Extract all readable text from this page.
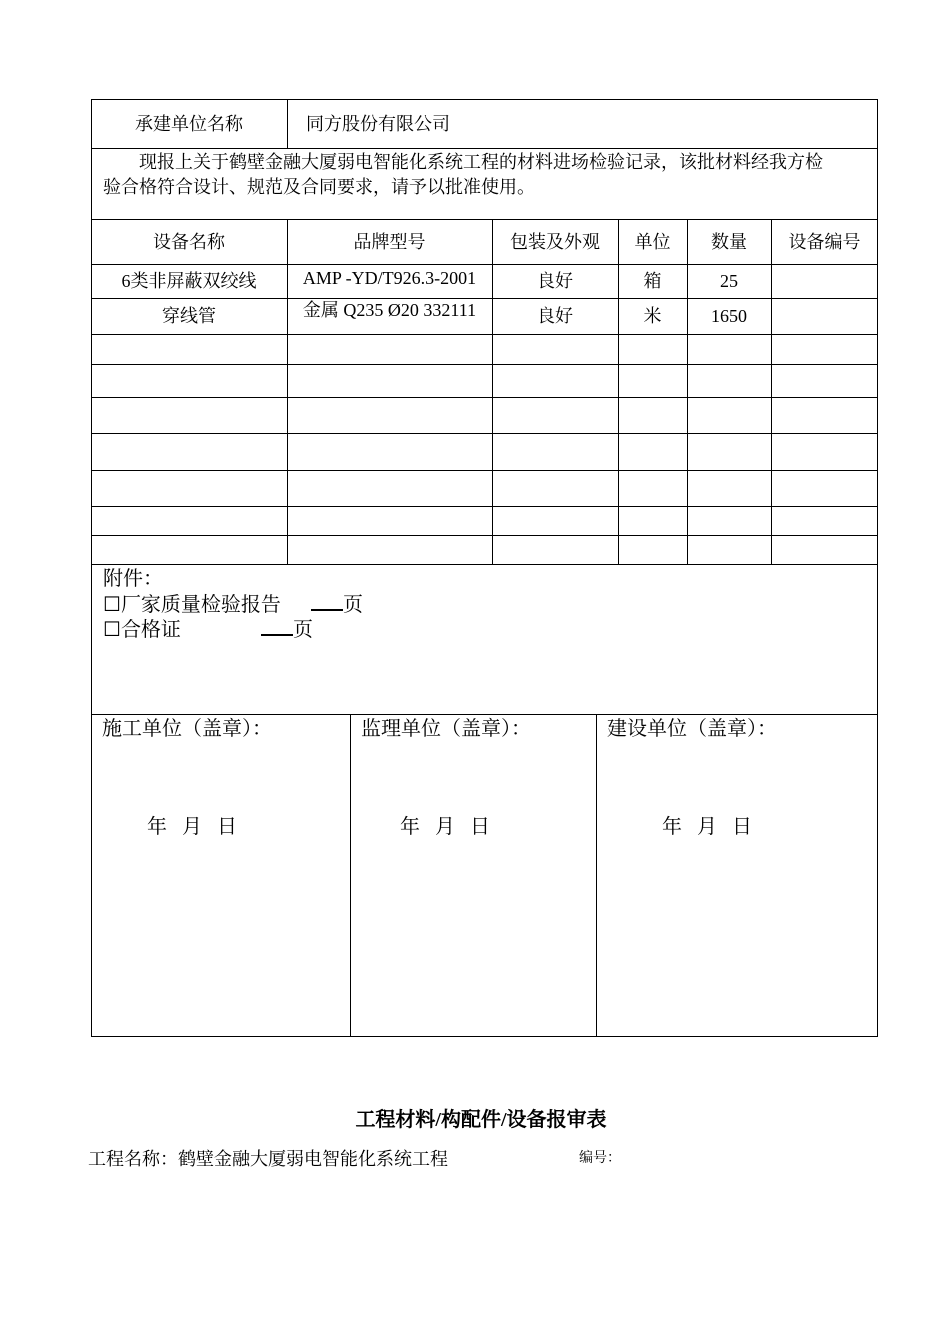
承建单位名称	同方股份有限公司
现报上关于鹤壁金融大厦弱电智能化系统工程的材料进场检验记录，该批材料经我方检
验合格符合设计、规范及合同要求，请予以批准使用。
设备名称	品牌型号	包装及外观	单位	数量	设备编号
6类非屏蔽双绞线	AMP -YD/T926.3-2001	良好	箱	25
穿线管	金属 Q235 Ø20 332111	良好	米	1650
附件：
☐厂家质量检验报告	页
☐合格证	页
施工单位（盖章）：	监理单位（盖章）：	建设单位（盖章）：
年   月   日	年   月   日	年   月   日
工程材料/构配件/设备报审表
工程名称：鹤壁金融大厦弱电智能化系统工程	编号：
